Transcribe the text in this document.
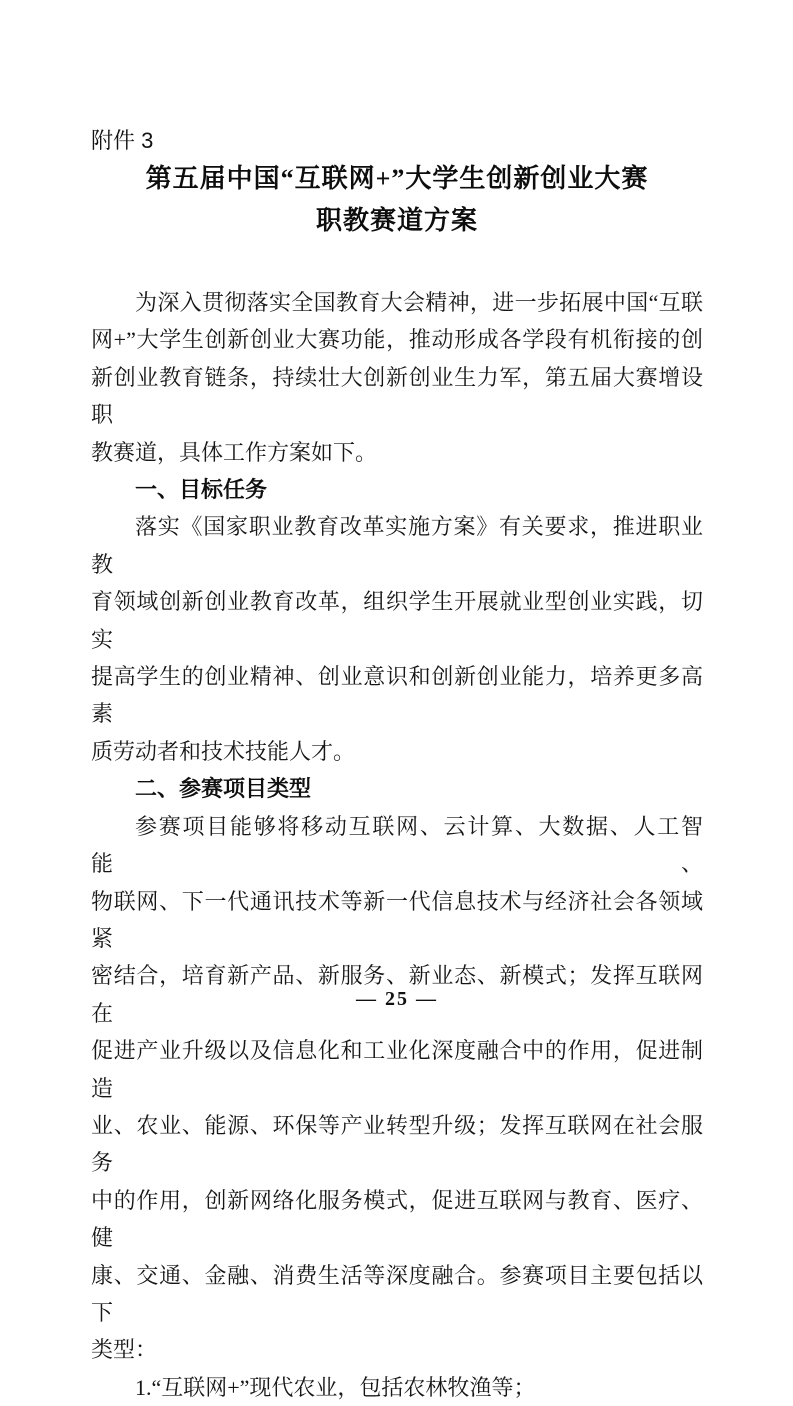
附件 3
第五届中国“互联网+”大学生创新创业大赛
职教赛道方案
为深入贯彻落实全国教育大会精神，进一步拓展中国“互联
网+”大学生创新创业大赛功能，推动形成各学段有机衔接的创
新创业教育链条，持续壮大创新创业生力军，第五届大赛增设职
教赛道，具体工作方案如下。
一、目标任务
落实《国家职业教育改革实施方案》有关要求，推进职业教
育领域创新创业教育改革，组织学生开展就业型创业实践，切实
提高学生的创业精神、创业意识和创新创业能力，培养更多高素
质劳动者和技术技能人才。
二、参赛项目类型
参赛项目能够将移动互联网、云计算、大数据、人工智能、
物联网、下一代通讯技术等新一代信息技术与经济社会各领域紧
密结合，培育新产品、新服务、新业态、新模式；发挥互联网在
促进产业升级以及信息化和工业化深度融合中的作用，促进制造
业、农业、能源、环保等产业转型升级；发挥互联网在社会服务
中的作用，创新网络化服务模式，促进互联网与教育、医疗、健
康、交通、金融、消费生活等深度融合。参赛项目主要包括以下
类型：
1.“互联网+”现代农业，包括农林牧渔等；
— 25 —
